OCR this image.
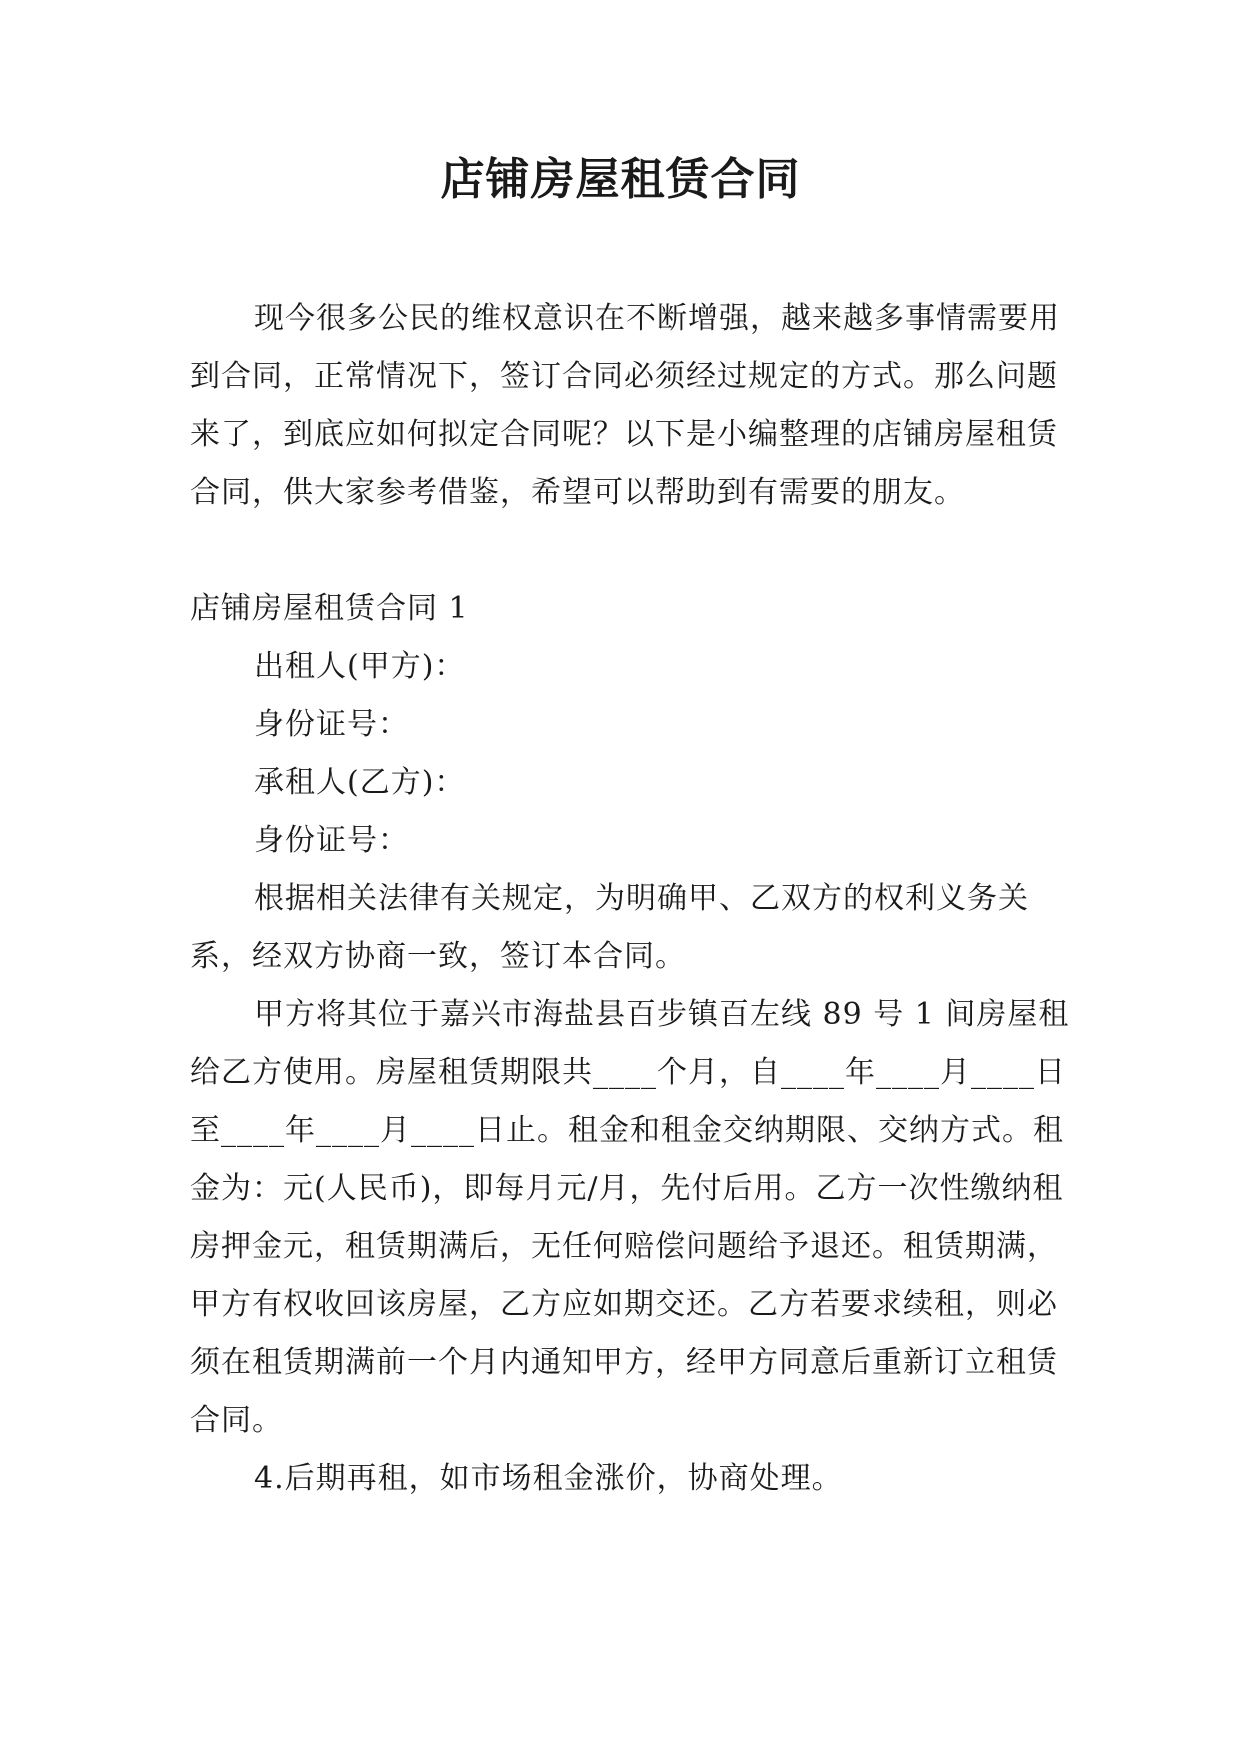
店铺房屋租赁合同

现今很多公民的维权意识在不断增强，越来越多事情需要用到合同，正常情况下，签订合同必须经过规定的方式。那么问题来了，到底应如何拟定合同呢？以下是小编整理的店铺房屋租赁合同，供大家参考借鉴，希望可以帮助到有需要的朋友。

店铺房屋租赁合同 1

出租人(甲方)：

身份证号：

承租人(乙方)：

身份证号：

根据相关法律有关规定，为明确甲、乙双方的权利义务关系，经双方协商一致，签订本合同。

甲方将其位于嘉兴市海盐县百步镇百左线 89 号 1 间房屋租给乙方使用。房屋租赁期限共____个月，自____年____月____日至____年____月____日止。租金和租金交纳期限、交纳方式。租金为：元(人民币)，即每月元/月，先付后用。乙方一次性缴纳租房押金元，租赁期满后，无任何赔偿问题给予退还。租赁期满，甲方有权收回该房屋，乙方应如期交还。乙方若要求续租，则必须在租赁期满前一个月内通知甲方，经甲方同意后重新订立租赁合同。

4.后期再租，如市场租金涨价，协商处理。
